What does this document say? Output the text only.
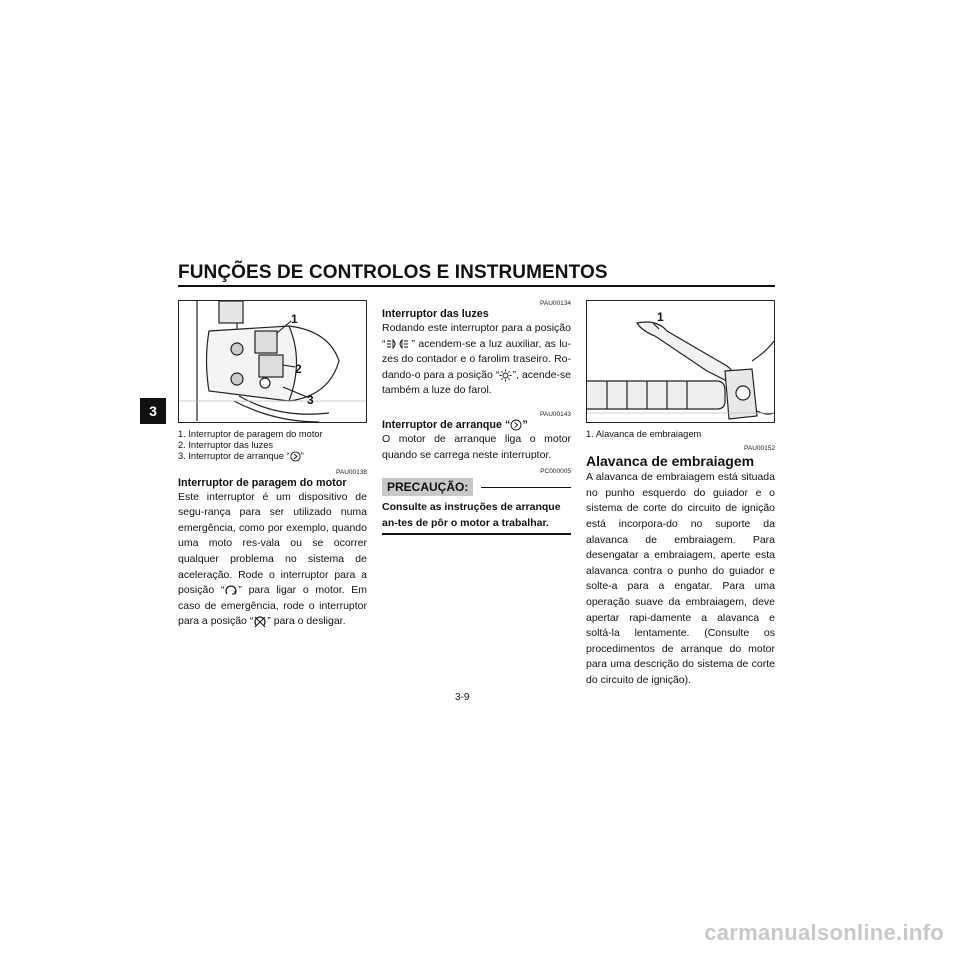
FUNÇÕES DE CONTROLOS E INSTRUMENTOS
3
1
2
3
1. Interruptor de paragem do motor
2. Interruptor das luzes
3. Interruptor de arranque “ ”
PAU00138
Interruptor de paragem do motor
Este interruptor é um dispositivo de segu-rança para ser utilizado numa emergência, como por exemplo, quando uma moto res-vala ou se ocorrer qualquer problema no sistema de aceleração. Rode o interruptor para a posição “ ” para ligar o motor. Em caso de emergência, rode o interruptor para a posição “ ” para o desligar.
PAU00134
Interruptor das luzes
Rodando este interruptor para a posição “ ” acendem-se a luz auxiliar, as lu-zes do contador e o farolim traseiro. Ro-dando-o para a posição “ ”, acende-se também a luze do farol.
PAU00143
Interruptor de arranque “ ”
O motor de arranque liga o motor quando se carrega neste interruptor.
PC000005
PRECAUÇÃO:
Consulte as instruções de arranque an-tes de pôr o motor a trabalhar.
1
1. Alavanca de embraiagem
PAU00152
Alavanca de embraiagem
A alavanca de embraiagem está situada no punho esquerdo do guiador e o sistema de corte do circuito de ignição está incorpora-do no suporte da alavanca de embraiagem. Para desengatar a embraiagem, aperte esta alavanca contra o punho do guiador e solte-a para a engatar. Para uma operação suave da embraiagem, deve apertar rapi-damente a alavanca e soltá-la lentamente. (Consulte os procedimentos de arranque do motor para uma descrição do sistema de corte do circuito de ignição).
3-9
carmanualsonline.info
